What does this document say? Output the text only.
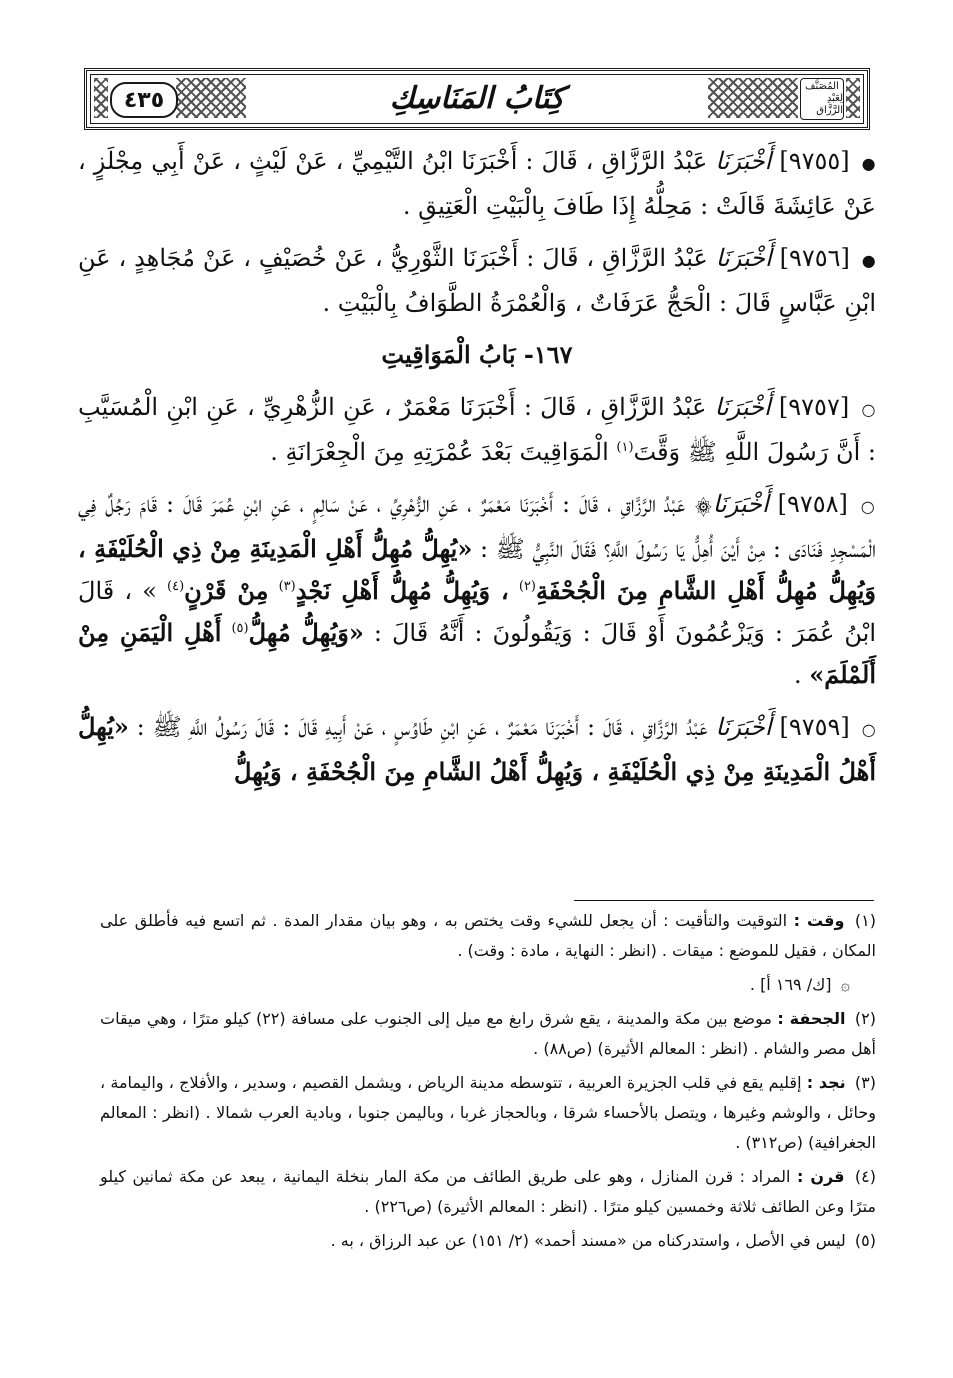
٤٣٥	كِتَابُ المَنَاسِكِ	المُصَنَّف
لِعَبْدِ الرَّزَّاق

● [٩٧٥٥] أَخْبَرَنَا عَبْدُ الرَّزَّاقِ ، قَالَ : أَخْبَرَنَا ابْنُ التَّيْمِيِّ ، عَنْ لَيْثٍ ، عَنْ أَبِي مِجْلَزٍ ، عَنْ عَائِشَةَ قَالَتْ : مَحِلُّهُ إِذَا طَافَ بِالْبَيْتِ الْعَتِيقِ .

● [٩٧٥٦] أَخْبَرَنَا عَبْدُ الرَّزَّاقِ ، قَالَ : أَخْبَرَنَا الثَّوْرِيُّ ، عَنْ خُصَيْفٍ ، عَنْ مُجَاهِدٍ ، عَنِ ابْنِ عَبَّاسٍ قَالَ : الْحَجُّ عَرَفَاتٌ ، وَالْعُمْرَةُ الطَّوَافُ بِالْبَيْتِ .

١٦٧- بَابُ الْمَوَاقِيتِ

○ [٩٧٥٧] أَخْبَرَنَا عَبْدُ الرَّزَّاقِ ، قَالَ : أَخْبَرَنَا مَعْمَرٌ ، عَنِ الزُّهْرِيِّ ، عَنِ ابْنِ الْمُسَيَّبِ : أَنَّ رَسُولَ اللَّهِ ﷺ وَقَّتَ$^{(١)}$ الْمَوَاقِيتَ بَعْدَ عُمْرَتِهِ مِنَ الْجِعْرَانَةِ .

○ [٩٧٥٨] أَخْبَرَنَا۞ عَبْدُ الرَّزَّاقِ ، قَالَ : أَخْبَرَنَا مَعْمَرٌ ، عَنِ الزُّهْرِيِّ ، عَنْ سَالِمٍ ، عَنِ ابْنِ عُمَرَ قَالَ : قَامَ رَجُلٌ فِي الْمَسْجِدِ فَنَادَى : مِنْ أَيْنَ أُهِلُّ يَا رَسُولَ اللَّهِ؟ فَقَالَ النَّبِيُّ ﷺ : «يُهِلُّ مُهِلُّ أَهْلِ الْمَدِينَةِ مِنْ ذِي الْحُلَيْفَةِ ، وَيُهِلُّ مُهِلُّ أَهْلِ الشَّامِ مِنَ الْجُحْفَةِ$^{(٢)}$ ، وَيُهِلُّ مُهِلُّ أَهْلِ نَجْدٍ$^{(٣)}$ مِنْ قَرْنٍ$^{(٤)}$ » ، قَالَ ابْنُ عُمَرَ : وَيَزْعُمُونَ أَوْ قَالَ : وَيَقُولُونَ : أَنَّهُ قَالَ : «وَيُهِلُّ مُهِلُّ$^{(٥)}$ أَهْلِ الْيَمَنِ مِنْ أَلَمْلَمَ» .

○ [٩٧٥٩] أَخْبَرَنَا عَبْدُ الرَّزَّاقِ ، قَالَ : أَخْبَرَنَا مَعْمَرٌ ، عَنِ ابْنِ طَاوُسٍ ، عَنْ أَبِيهِ قَالَ : قَالَ رَسُولُ اللَّهِ ﷺ : «يُهِلُّ أَهْلُ الْمَدِينَةِ مِنْ ذِي الْحُلَيْفَةِ ، وَيُهِلُّ أَهْلُ الشَّامِ مِنَ الْجُحْفَةِ ، وَيُهِلُّ

(١) وقت : التوقيت والتأقيت : أن يجعل للشيء وقت يختص به ، وهو بيان مقدار المدة . ثم اتسع فيه فأطلق على المكان ، فقيل للموضع : ميقات . (انظر : النهاية ، مادة : وقت) .

۞ [ك/ ١٦٩ أ] .

(٢) الجحفة : موضع بين مكة والمدينة ، يقع شرق رابغ مع ميل إلى الجنوب على مسافة (٢٢) كيلو مترًا ، وهي ميقات أهل مصر والشام . (انظر : المعالم الأثيرة) (ص٨٨) .

(٣) نجد : إقليم يقع في قلب الجزيرة العربية ، تتوسطه مدينة الرياض ، ويشمل القصيم ، وسدير ، والأفلاج ، واليمامة ، وحائل ، والوشم وغيرها ، ويتصل بالأحساء شرقا ، وبالحجاز غربا ، وباليمن جنوبا ، وبادية العرب شمالا . (انظر : المعالم الجغرافية) (ص٣١٢) .

(٤) قرن : المراد : قرن المنازل ، وهو على طريق الطائف من مكة المار بنخلة اليمانية ، يبعد عن مكة ثمانين كيلو مترًا وعن الطائف ثلاثة وخمسين كيلو مترًا . (انظر : المعالم الأثيرة) (ص٢٢٦) .

(٥) ليس في الأصل ، واستدركناه من «مسند أحمد» (٢/ ١٥١) عن عبد الرزاق ، به .
